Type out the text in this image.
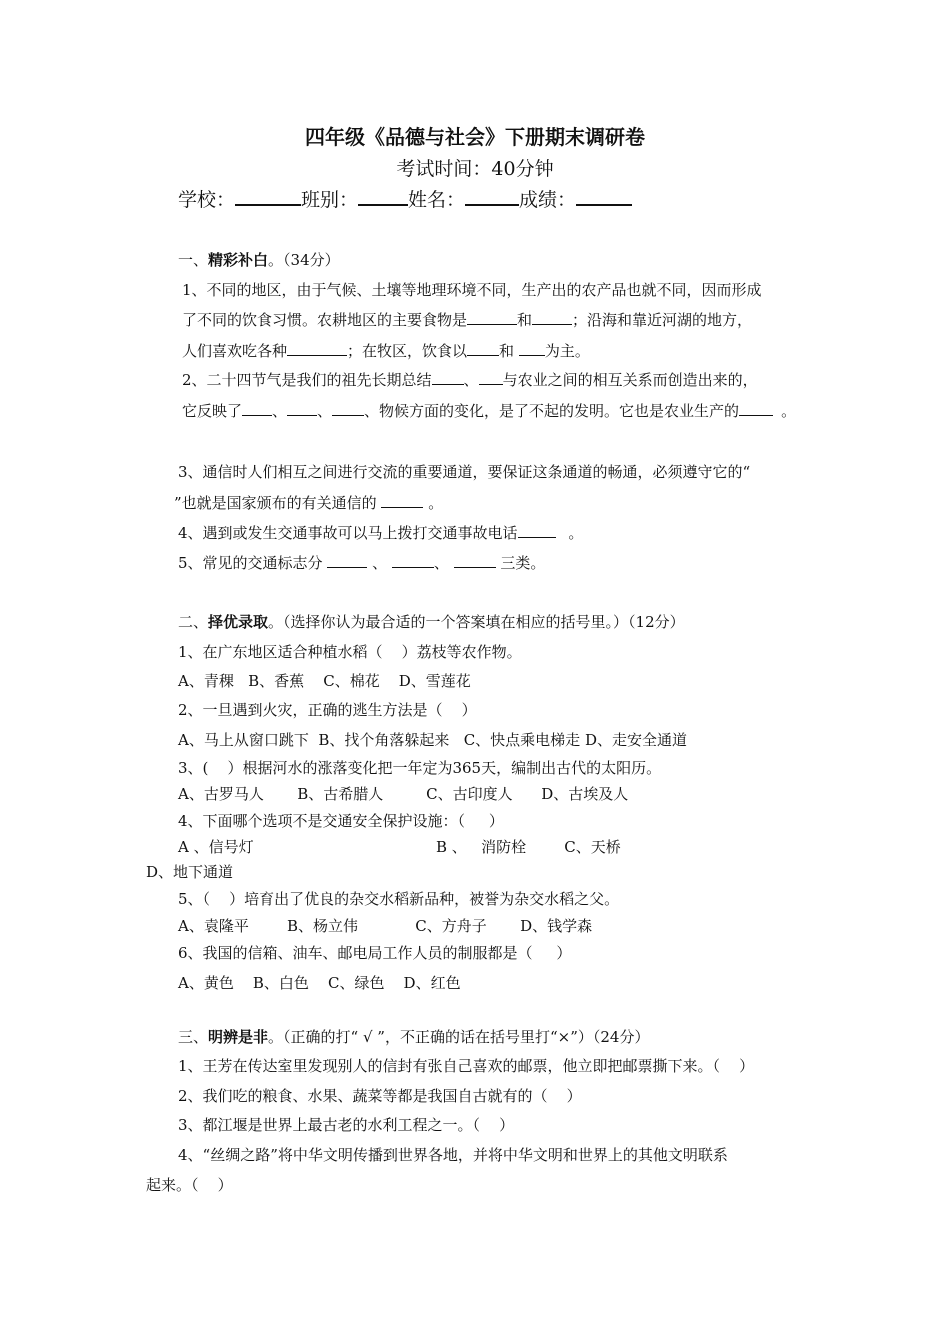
四年级《品德与社会》下册期末调研卷
考试时间：40分钟
学校：	班别：	姓名：	成绩：
一、精彩补白。（34分）
1、不同的地区，由于气候、土壤等地理环境不同，生产出的农产品也就不同，因而形成
了不同的饮食习惯。农耕地区的主要食物是	和	；沿海和靠近河湖的地方，
人们喜欢吃各种	；在牧区，饮食以 和 为主。
2、二十四节气是我们的祖先长期总结 、 与农业之间的相互关系而创造出来的，
它反映了 、 、 、物候方面的变化，是了不起的发明。它也是农业生产的	。
3、通信时人们相互之间进行交流的重要通道，要保证这条通道的畅通，必须遵守它的“
”也就是国家颁布的有关通信的	。
4、遇到或发生交通事故可以马上拨打交通事故电话	。
5、常见的交通标志分	、	、	三类。
二、择优录取。（选择你认为最合适的一个答案填在相应的括号里。）（12分）
1、在广东地区适合种植水稻（    ）荔枝等农作物。
A、青稞   B、香蕉    C、棉花    D、雪莲花
2、一旦遇到火灾，正确的逃生方法是（    ）
A、马上从窗口跳下  B、找个角落躲起来   C、快点乘电梯走 D、走安全通道
3、(    ）根据河水的涨落变化把一年定为365天，编制出古代的太阳历。
A、古罗马人       B、古希腊人         C、古印度人      D、古埃及人
4、下面哪个选项不是交通安全保护设施：（     ）
A 、信号灯	B 、   消防栓        C、天桥
D、地下通道
5、（    ）培育出了优良的杂交水稻新品种，被誉为杂交水稻之父。
A、袁隆平        B、杨立伟            C、方舟子       D、钱学森
6、我国的信箱、油车、邮电局工作人员的制服都是（     ）
A、黄色    B、白色    C、绿色    D、红色
三、明辨是非。（正确的打“ √ ”，不正确的话在括号里打“×”）（24分）
1、王芳在传达室里发现别人的信封有张自己喜欢的邮票，他立即把邮票撕下来。（    ）
2、我们吃的粮食、水果、蔬菜等都是我国自古就有的（    ）
3、都江堰是世界上最古老的水利工程之一。（    ）
4、“丝绸之路”将中华文明传播到世界各地，并将中华文明和世界上的其他文明联系
起来。（    ）
